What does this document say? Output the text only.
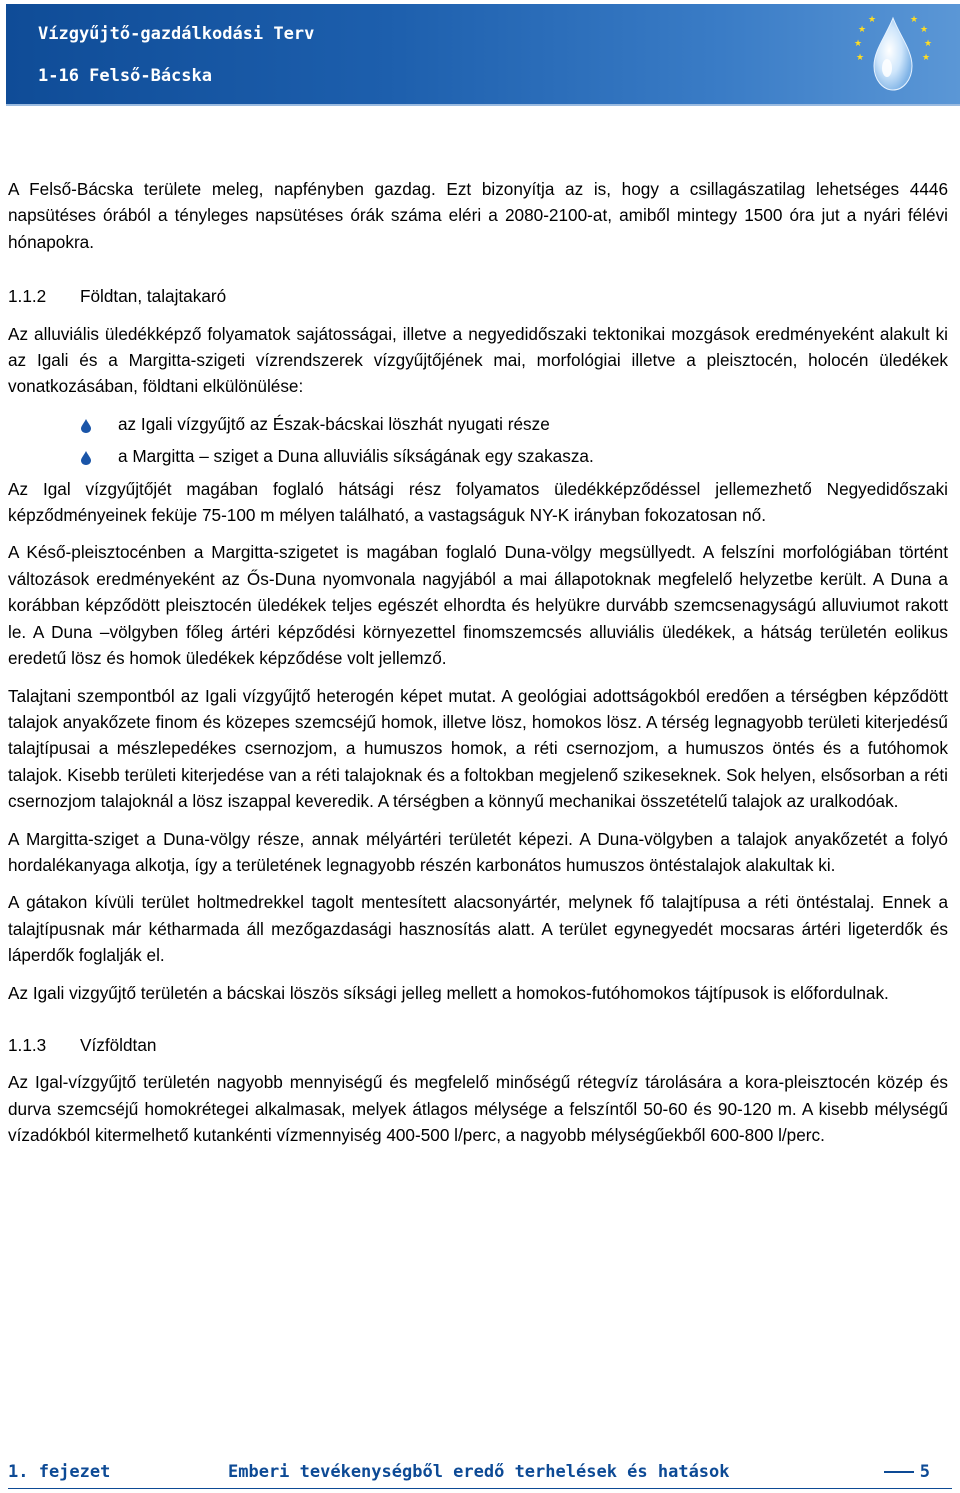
Vízgyűjtő-gazdálkodási Terv
1-16 Felső-Bácska
★
★	★
★
★	★
★	★

A Felső-Bácska területe meleg, napfényben gazdag. Ezt bizonyítja az is, hogy a csillagászatilag lehetséges 4446 napsütéses órából a tényleges napsütéses órák száma eléri a 2080-2100-at, amiből mintegy 1500 óra jut a nyári félévi hónapokra.

1.1.2 Földtan, talajtakaró

Az alluviális üledékképző folyamatok sajátosságai, illetve a negyedidőszaki tektonikai mozgások eredményeként alakult ki az Igali és a Margitta-szigeti vízrendszerek vízgyűjtőjének mai, morfológiai illetve a pleisztocén, holocén üledékek vonatkozásában, földtani elkülönülése:

az Igali vízgyűjtő az Észak-bácskai löszhát nyugati része
a Margitta – sziget a Duna alluviális síkságának egy szakasza.

Az Igal vízgyűjtőjét magában foglaló hátsági rész folyamatos üledékképződéssel jellemezhető Negyedidőszaki képződményeinek feküje 75-100 m mélyen található, a vastagságuk NY-K irányban fokozatosan nő.

A Késő-pleisztocénben a Margitta-szigetet is magában foglaló Duna-völgy megsüllyedt. A felszíni morfológiában történt változások eredményeként az Ős-Duna nyomvonala nagyjából a mai állapotoknak megfelelő helyzetbe került. A Duna a korábban képződött pleisztocén üledékek teljes egészét elhordta és helyükre durvább szemcsenagyságú alluviumot rakott le. A Duna –völgyben főleg ártéri képződési környezettel finomszemcsés alluviális üledékek, a hátság területén eolikus eredetű lösz és homok üledékek képződése volt jellemző.

Talajtani szempontból az Igali vízgyűjtő heterogén képet mutat. A geológiai adottságokból eredően a térségben képződött talajok anyakőzete finom és közepes szemcséjű homok, illetve lösz, homokos lösz. A térség legnagyobb területi kiterjedésű talajtípusai a mészlepedékes csernozjom, a humuszos homok, a réti csernozjom, a humuszos öntés és a futóhomok talajok. Kisebb területi kiterjedése van a réti talajoknak és a foltokban megjelenő szikeseknek. Sok helyen, elsősorban a réti csernozjom talajoknál a lösz iszappal keveredik. A térségben a könnyű mechanikai összetételű talajok az uralkodóak.

A Margitta-sziget a Duna-völgy része, annak mélyártéri területét képezi. A Duna-völgyben a talajok anyakőzetét a folyó hordalékanyaga alkotja, így a területének legnagyobb részén karbonátos humuszos öntéstalajok alakultak ki.

A gátakon kívüli terület holtmedrekkel tagolt mentesített alacsonyártér, melynek fő talajtípusa a réti öntéstalaj. Ennek a talajtípusnak már kétharmada áll mezőgazdasági hasznosítás alatt. A terület egynegyedét mocsaras ártéri ligeterdők és láperdők foglalják el.

Az Igali vizgyűjtő területén a bácskai löszös síksági jelleg mellett a homokos-futóhomokos tájtípusok is előfordulnak.

1.1.3 Vízföldtan

Az Igal-vízgyűjtő területén nagyobb mennyiségű és megfelelő minőségű rétegvíz tárolására a kora-pleisztocén közép és durva szemcséjű homokrétegei alkalmasak, melyek átlagos mélysége a felszíntől 50-60 és 90-120 m. A kisebb mélységű vízadókból kitermelhető kutankénti vízmennyiség 400-500 l/perc, a nagyobb mélységűekből 600-800 l/perc.

1. fejezet	Emberi tevékenységből eredő terhelések és hatások	5
